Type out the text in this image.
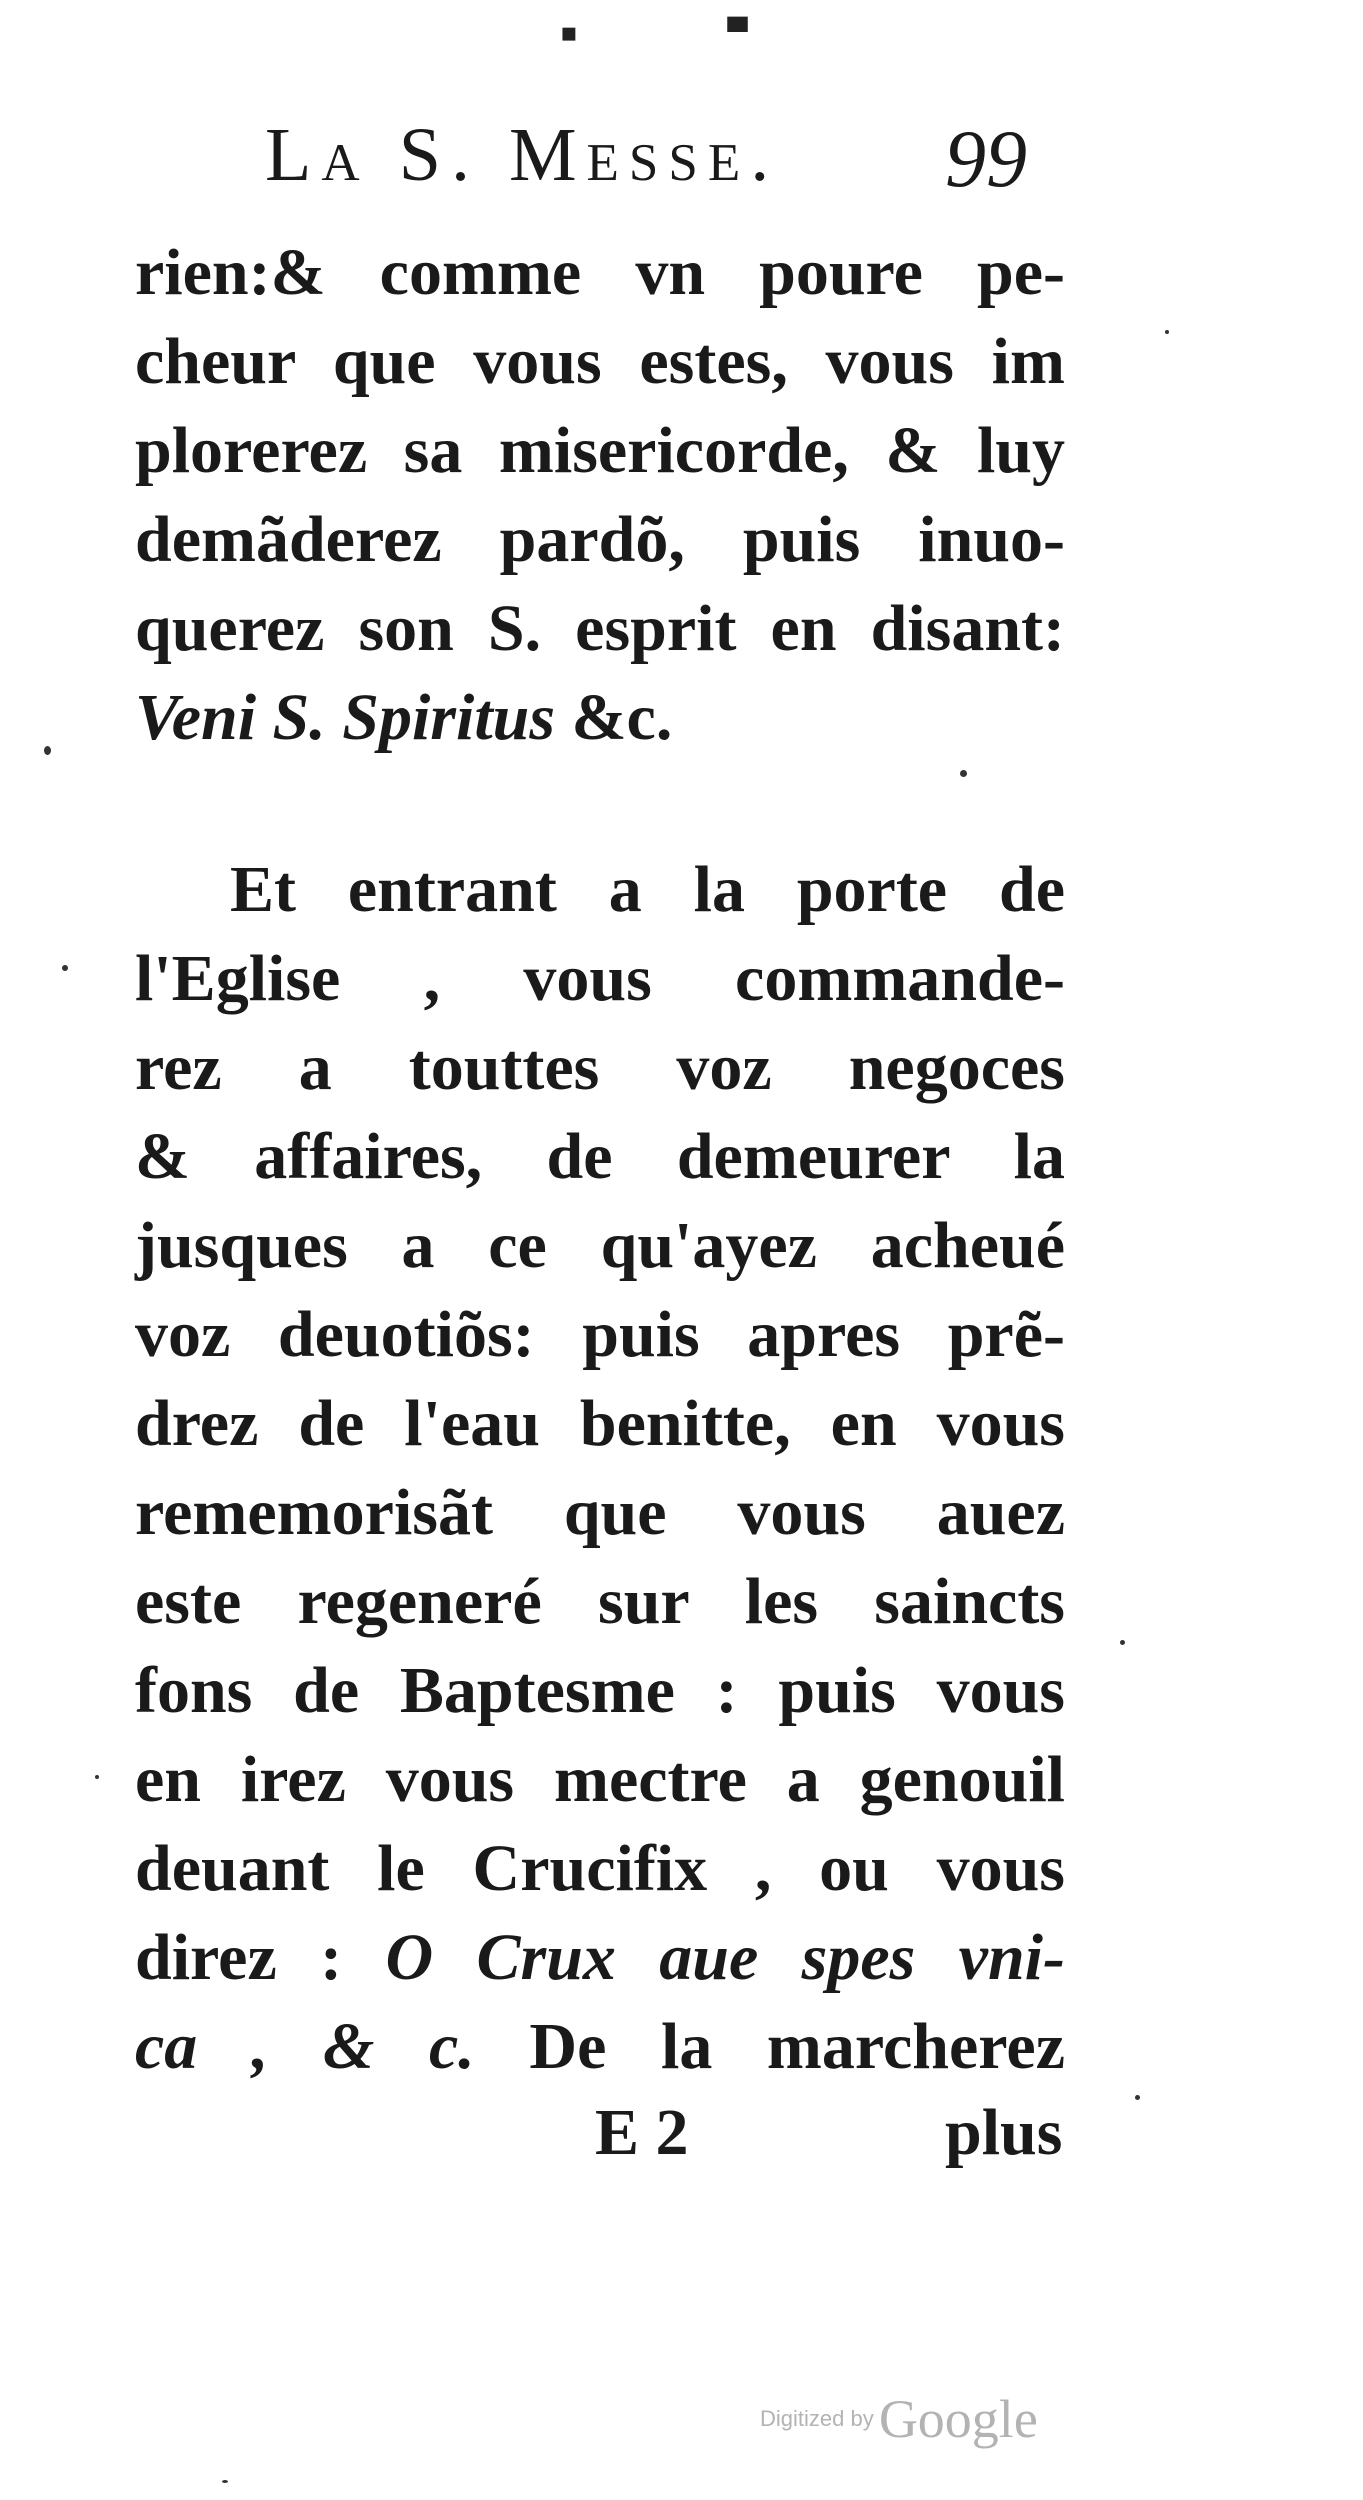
▪▀
La S. Messe. 99
rien:& comme vn poure pe-
cheur que vous estes, vous im
plorerez sa misericorde, & luy
demãderez pardõ, puis inuo-
querez son S. esprit en disant:
Veni S. Spiritus &c.
Et entrant a la porte de
l'Eglise , vous commande-
rez a touttes voz negoces
& affaires, de demeurer la
jusques a ce qu'ayez acheué
voz deuotiõs: puis apres prẽ-
drez de l'eau benitte, en vous
rememorisãt que vous auez
este regeneré sur les saincts
fons de Baptesme : puis vous
en irez vous mectre a genouil
deuant le Crucifix , ou vous
direz : O Crux aue spes vni-
ca , & c. De la marcherez
E 2	plus
Digitized by Google
